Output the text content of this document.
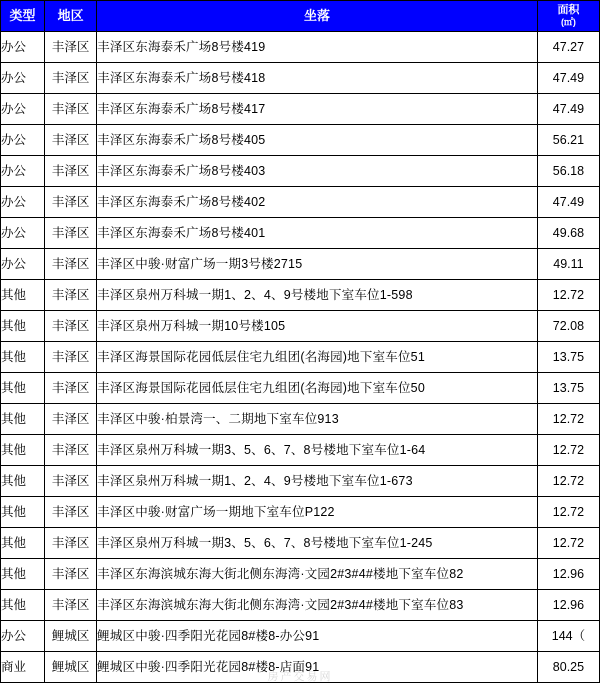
类型	地区	坐落	面积
(㎡)

办公	丰泽区	丰泽区东海泰禾广场8号楼419	47.27
办公	丰泽区	丰泽区东海泰禾广场8号楼418	47.49
办公	丰泽区	丰泽区东海泰禾广场8号楼417	47.49
办公	丰泽区	丰泽区东海泰禾广场8号楼405	56.21
办公	丰泽区	丰泽区东海泰禾广场8号楼403	56.18
办公	丰泽区	丰泽区东海泰禾广场8号楼402	47.49
办公	丰泽区	丰泽区东海泰禾广场8号楼401	49.68
办公	丰泽区	丰泽区中骏·财富广场一期3号楼2715	49.11
其他	丰泽区	丰泽区泉州万科城一期1、2、4、9号楼地下室车位1-598	12.72
其他	丰泽区	丰泽区泉州万科城一期10号楼105	72.08
其他	丰泽区	丰泽区海景国际花园低层住宅九组团(名海园)地下室车位51	13.75
其他	丰泽区	丰泽区海景国际花园低层住宅九组团(名海园)地下室车位50	13.75
其他	丰泽区	丰泽区中骏·柏景湾一、二期地下室车位913	12.72
其他	丰泽区	丰泽区泉州万科城一期3、5、6、7、8号楼地下室车位1-64	12.72
其他	丰泽区	丰泽区泉州万科城一期1、2、4、9号楼地下室车位1-673	12.72
其他	丰泽区	丰泽区中骏·财富广场一期地下室车位P122	12.72
其他	丰泽区	丰泽区泉州万科城一期3、5、6、7、8号楼地下室车位1-245	12.72
其他	丰泽区	丰泽区东海滨城东海大街北侧东海湾·文园2#3#4#楼地下室车位82	12.96
其他	丰泽区	丰泽区东海滨城东海大街北侧东海湾·文园2#3#4#楼地下室车位83	12.96
办公	鲤城区	鲤城区中骏·四季阳光花园8#楼8-办公91	144（
商业	鲤城区	鲤城区中骏·四季阳光花园8#楼8-店面91	80.25
房产交易网
